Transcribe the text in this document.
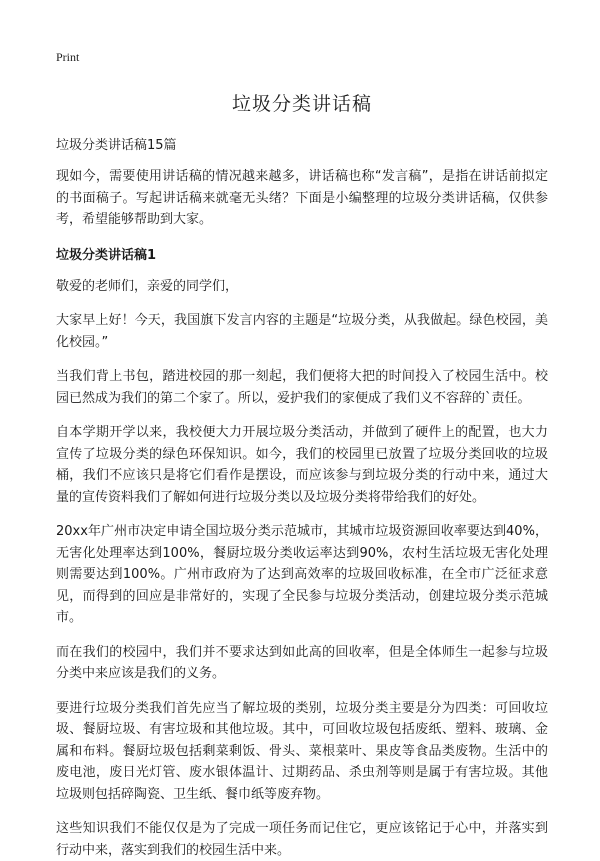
Print
垃圾分类讲话稿

垃圾分类讲话稿15篇

现如今，需要使用讲话稿的情况越来越多，讲话稿也称“发言稿”，是指在讲话前拟定的书面稿子。写起讲话稿来就毫无头绪？下面是小编整理的垃圾分类讲话稿，仅供参考，希望能够帮助到大家。

垃圾分类讲话稿1

敬爱的老师们，亲爱的同学们，

大家早上好！今天，我国旗下发言内容的主题是“垃圾分类，从我做起。绿色校园，美化校园。”

当我们背上书包，踏进校园的那一刻起，我们便将大把的时间投入了校园生活中。校园已然成为我们的第二个家了。所以，爱护我们的家便成了我们义不容辞的`责任。

自本学期开学以来，我校便大力开展垃圾分类活动，并做到了硬件上的配置，也大力宣传了垃圾分类的绿色环保知识。如今，我们的校园里已放置了垃圾分类回收的垃圾桶，我们不应该只是将它们看作是摆设，而应该参与到垃圾分类的行动中来，通过大量的宣传资料我们了解如何进行垃圾分类以及垃圾分类将带给我们的好处。

20xx年广州市决定申请全国垃圾分类示范城市，其城市垃圾资源回收率要达到40%，无害化处理率达到100%，餐厨垃圾分类收运率达到90%，农村生活垃圾无害化处理则需要达到100%。广州市政府为了达到高效率的垃圾回收标准，在全市广泛征求意见，而得到的回应是非常好的，实现了全民参与垃圾分类活动，创建垃圾分类示范城市。

而在我们的校园中，我们并不要求达到如此高的回收率，但是全体师生一起参与垃圾分类中来应该是我们的义务。

要进行垃圾分类我们首先应当了解垃圾的类别，垃圾分类主要是分为四类：可回收垃圾、餐厨垃圾、有害垃圾和其他垃圾。其中，可回收垃圾包括废纸、塑料、玻璃、金属和布料。餐厨垃圾包括剩菜剩饭、骨头、菜根菜叶、果皮等食品类废物。生活中的废电池，废日光灯管、废水银体温计、过期药品、杀虫剂等则是属于有害垃圾。其他垃圾则包括碎陶瓷、卫生纸、餐巾纸等废弃物。

这些知识我们不能仅仅是为了完成一项任务而记住它，更应该铭记于心中，并落实到行动中来，落实到我们的校园生活中来。
